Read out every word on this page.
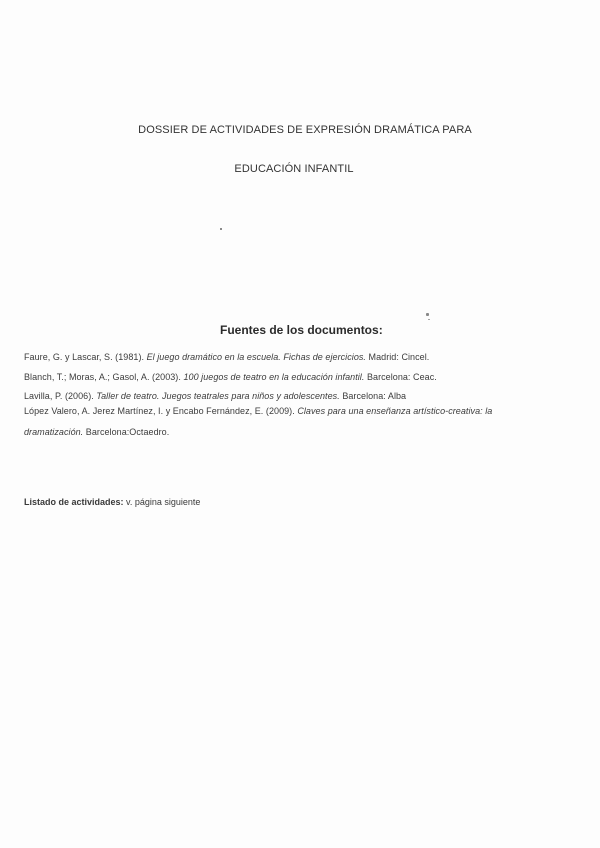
DOSSIER DE ACTIVIDADES DE EXPRESIÓN DRAMÁTICA PARA
EDUCACIÓN INFANTIL
Fuentes de los documentos:
Faure, G. y Lascar, S. (1981). El juego dramático en la escuela. Fichas de ejercicios. Madrid: Cincel.
Blanch, T.; Moras, A.; Gasol, A. (2003). 100 juegos de teatro en la educación infantil. Barcelona: Ceac.
Lavilla, P. (2006). Taller de teatro. Juegos teatrales para niños y adolescentes. Barcelona: Alba
López Valero, A. Jerez Martínez, I. y Encabo Fernández, E. (2009). Claves para una enseñanza artístico-creativa: la
dramatización. Barcelona:Octaedro.
Listado de actividades: v. página siguiente
